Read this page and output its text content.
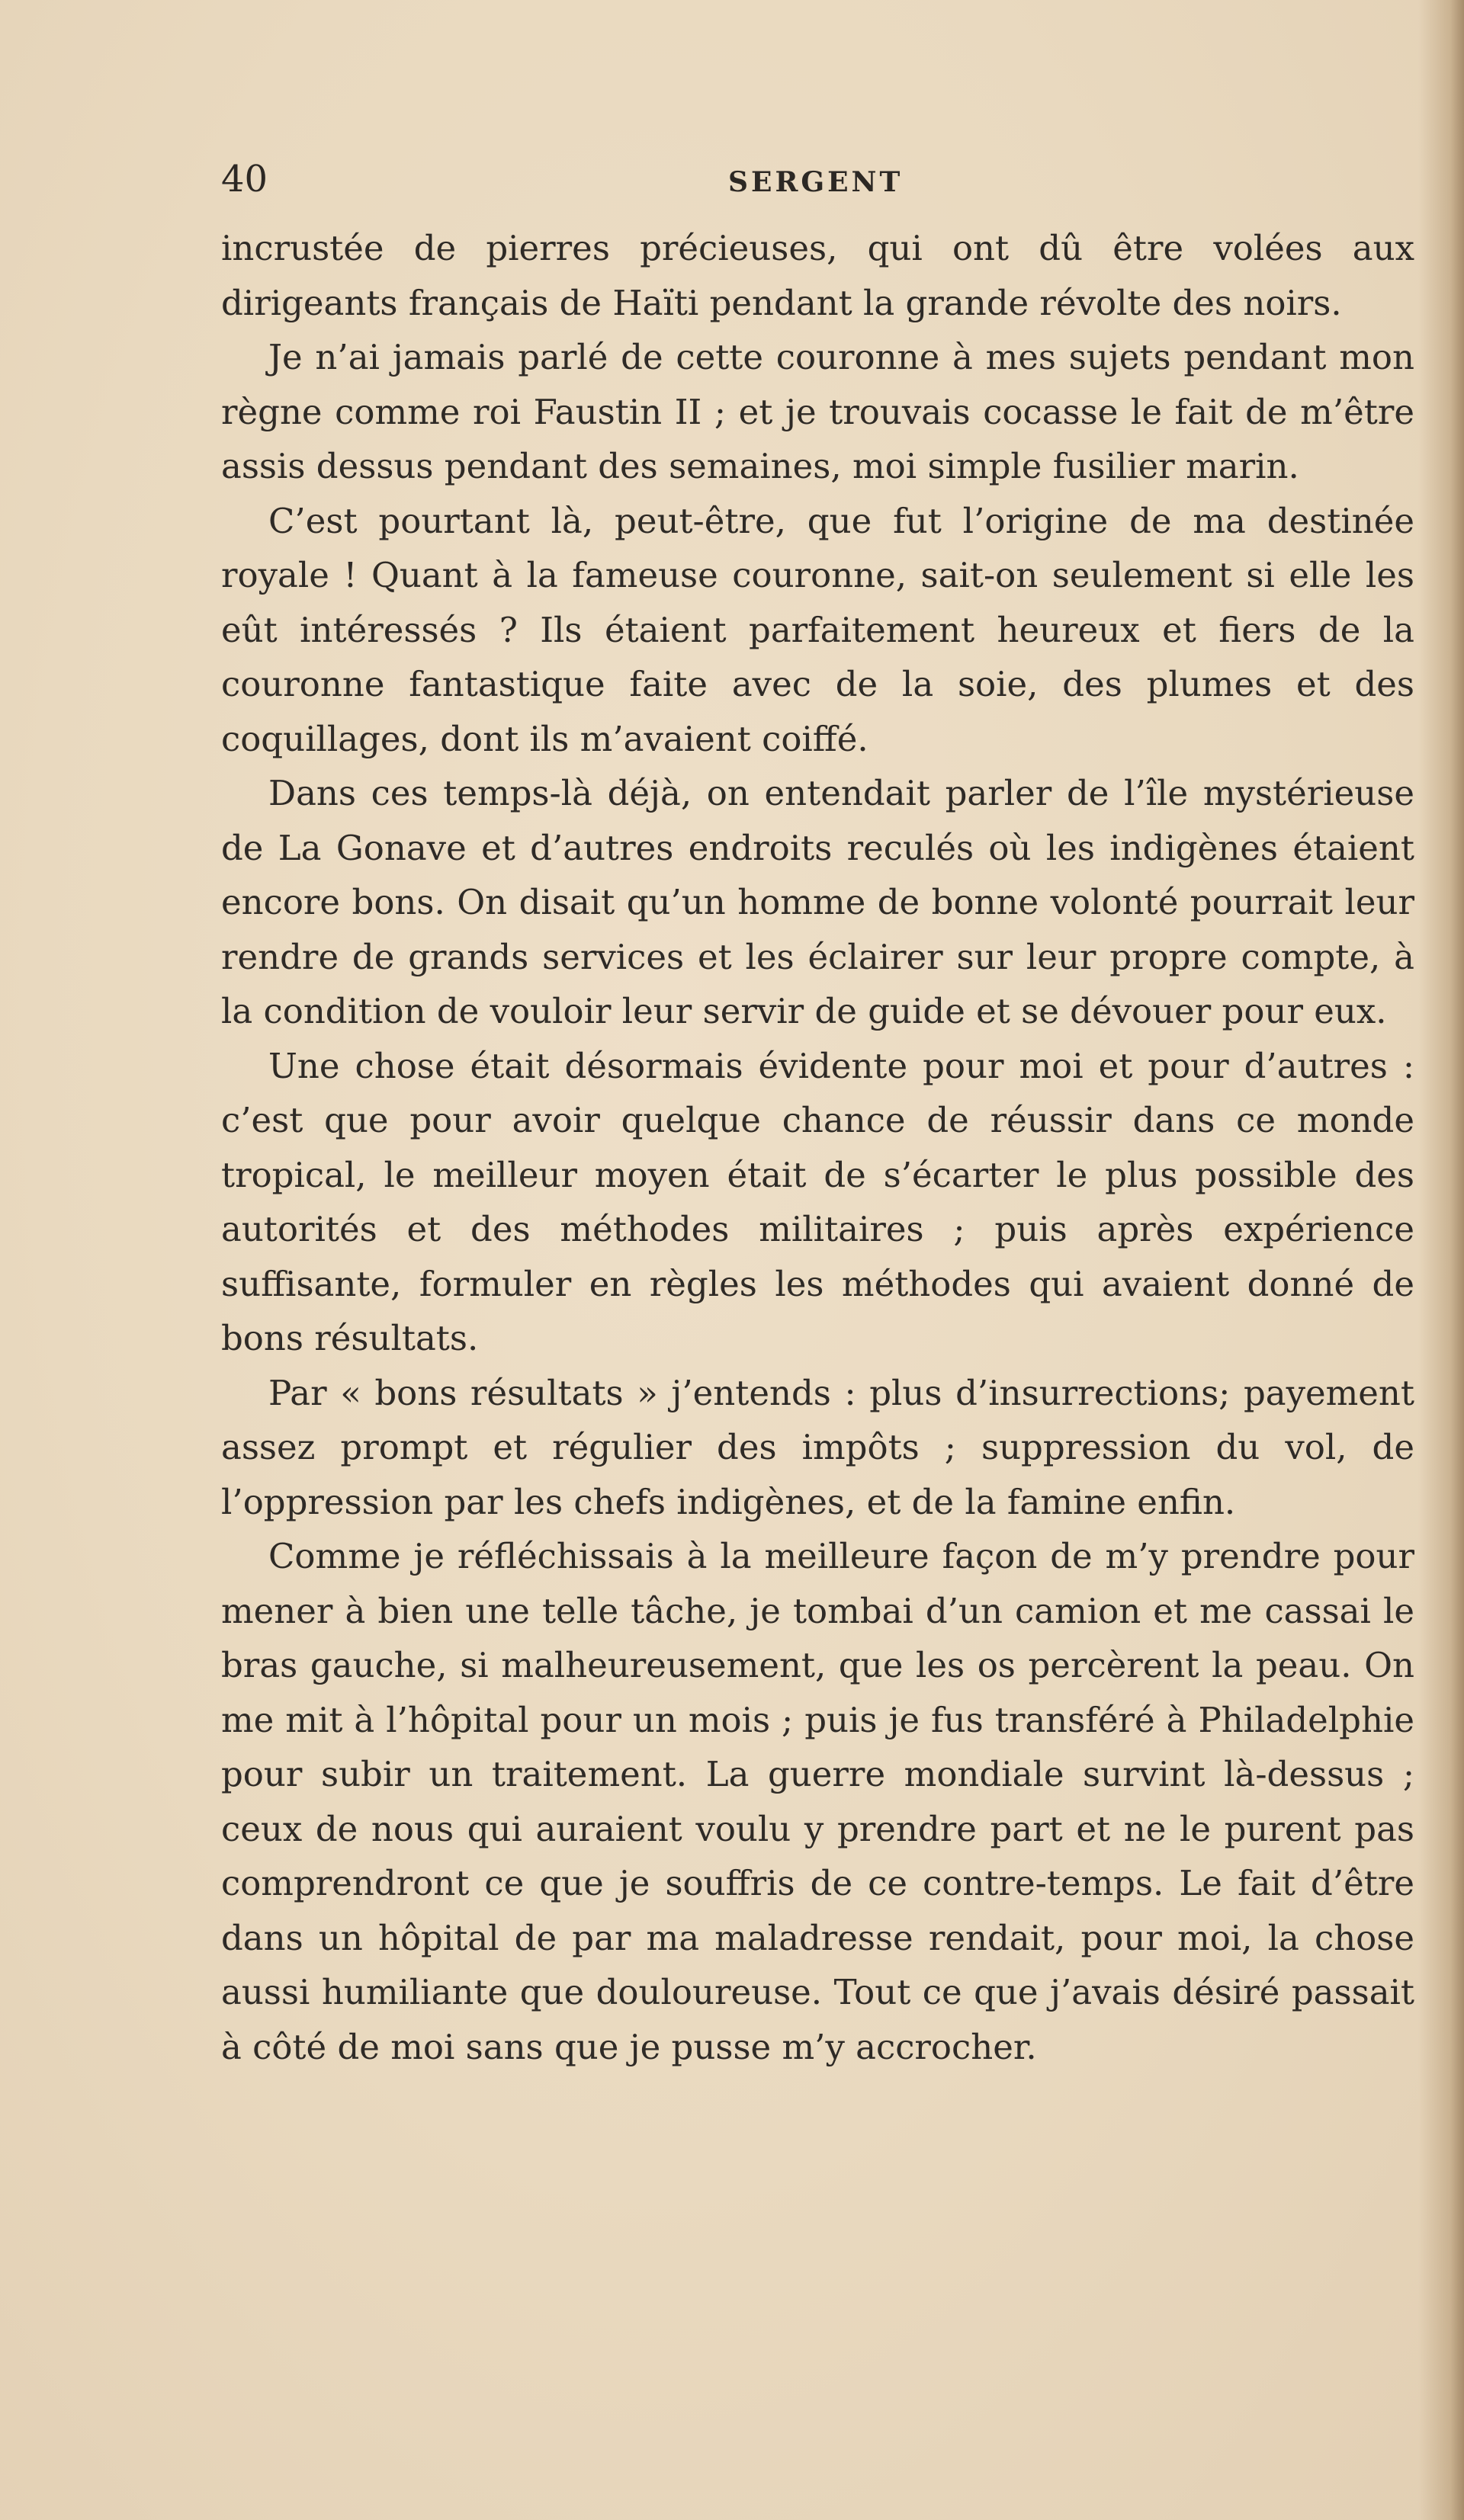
40	SERGENT

incrustée de pierres précieuses, qui ont dû être volées aux dirigeants français de Haïti pendant la grande révolte des noirs.

Je n’ai jamais parlé de cette couronne à mes sujets pendant mon règne comme roi Faustin II ; et je trouvais cocasse le fait de m’être assis dessus pendant des semaines, moi simple fusilier marin.

C’est pourtant là, peut-être, que fut l’origine de ma destinée royale ! Quant à la fameuse couronne, sait-on seulement si elle les eût intéressés ? Ils étaient parfaitement heureux et fiers de la couronne fantastique faite avec de la soie, des plumes et des coquillages, dont ils m’avaient coiffé.

Dans ces temps-là déjà, on entendait parler de l’île mystérieuse de La Gonave et d’autres endroits reculés où les indigènes étaient encore bons. On disait qu’un homme de bonne volonté pourrait leur rendre de grands services et les éclairer sur leur propre compte, à la condition de vouloir leur servir de guide et se dévouer pour eux.

Une chose était désormais évidente pour moi et pour d’autres : c’est que pour avoir quelque chance de réussir dans ce monde tropical, le meilleur moyen était de s’écarter le plus possible des autorités et des méthodes militaires ; puis après expérience suffisante, formuler en règles les méthodes qui avaient donné de bons résultats.

Par « bons résultats » j’entends : plus d’insurrections; payement assez prompt et régulier des impôts ; suppression du vol, de l’oppression par les chefs indigènes, et de la famine enfin.

Comme je réfléchissais à la meilleure façon de m’y prendre pour mener à bien une telle tâche, je tombai d’un camion et me cassai le bras gauche, si malheureusement, que les os percèrent la peau. On me mit à l’hôpital pour un mois ; puis je fus transféré à Philadelphie pour subir un traitement. La guerre mondiale survint là-dessus ; ceux de nous qui auraient voulu y prendre part et ne le purent pas comprendront ce que je souffris de ce contre-temps. Le fait d’être dans un hôpital de par ma maladresse rendait, pour moi, la chose aussi humiliante que douloureuse. Tout ce que j’avais désiré passait à côté de moi sans que je pusse m’y accrocher.
